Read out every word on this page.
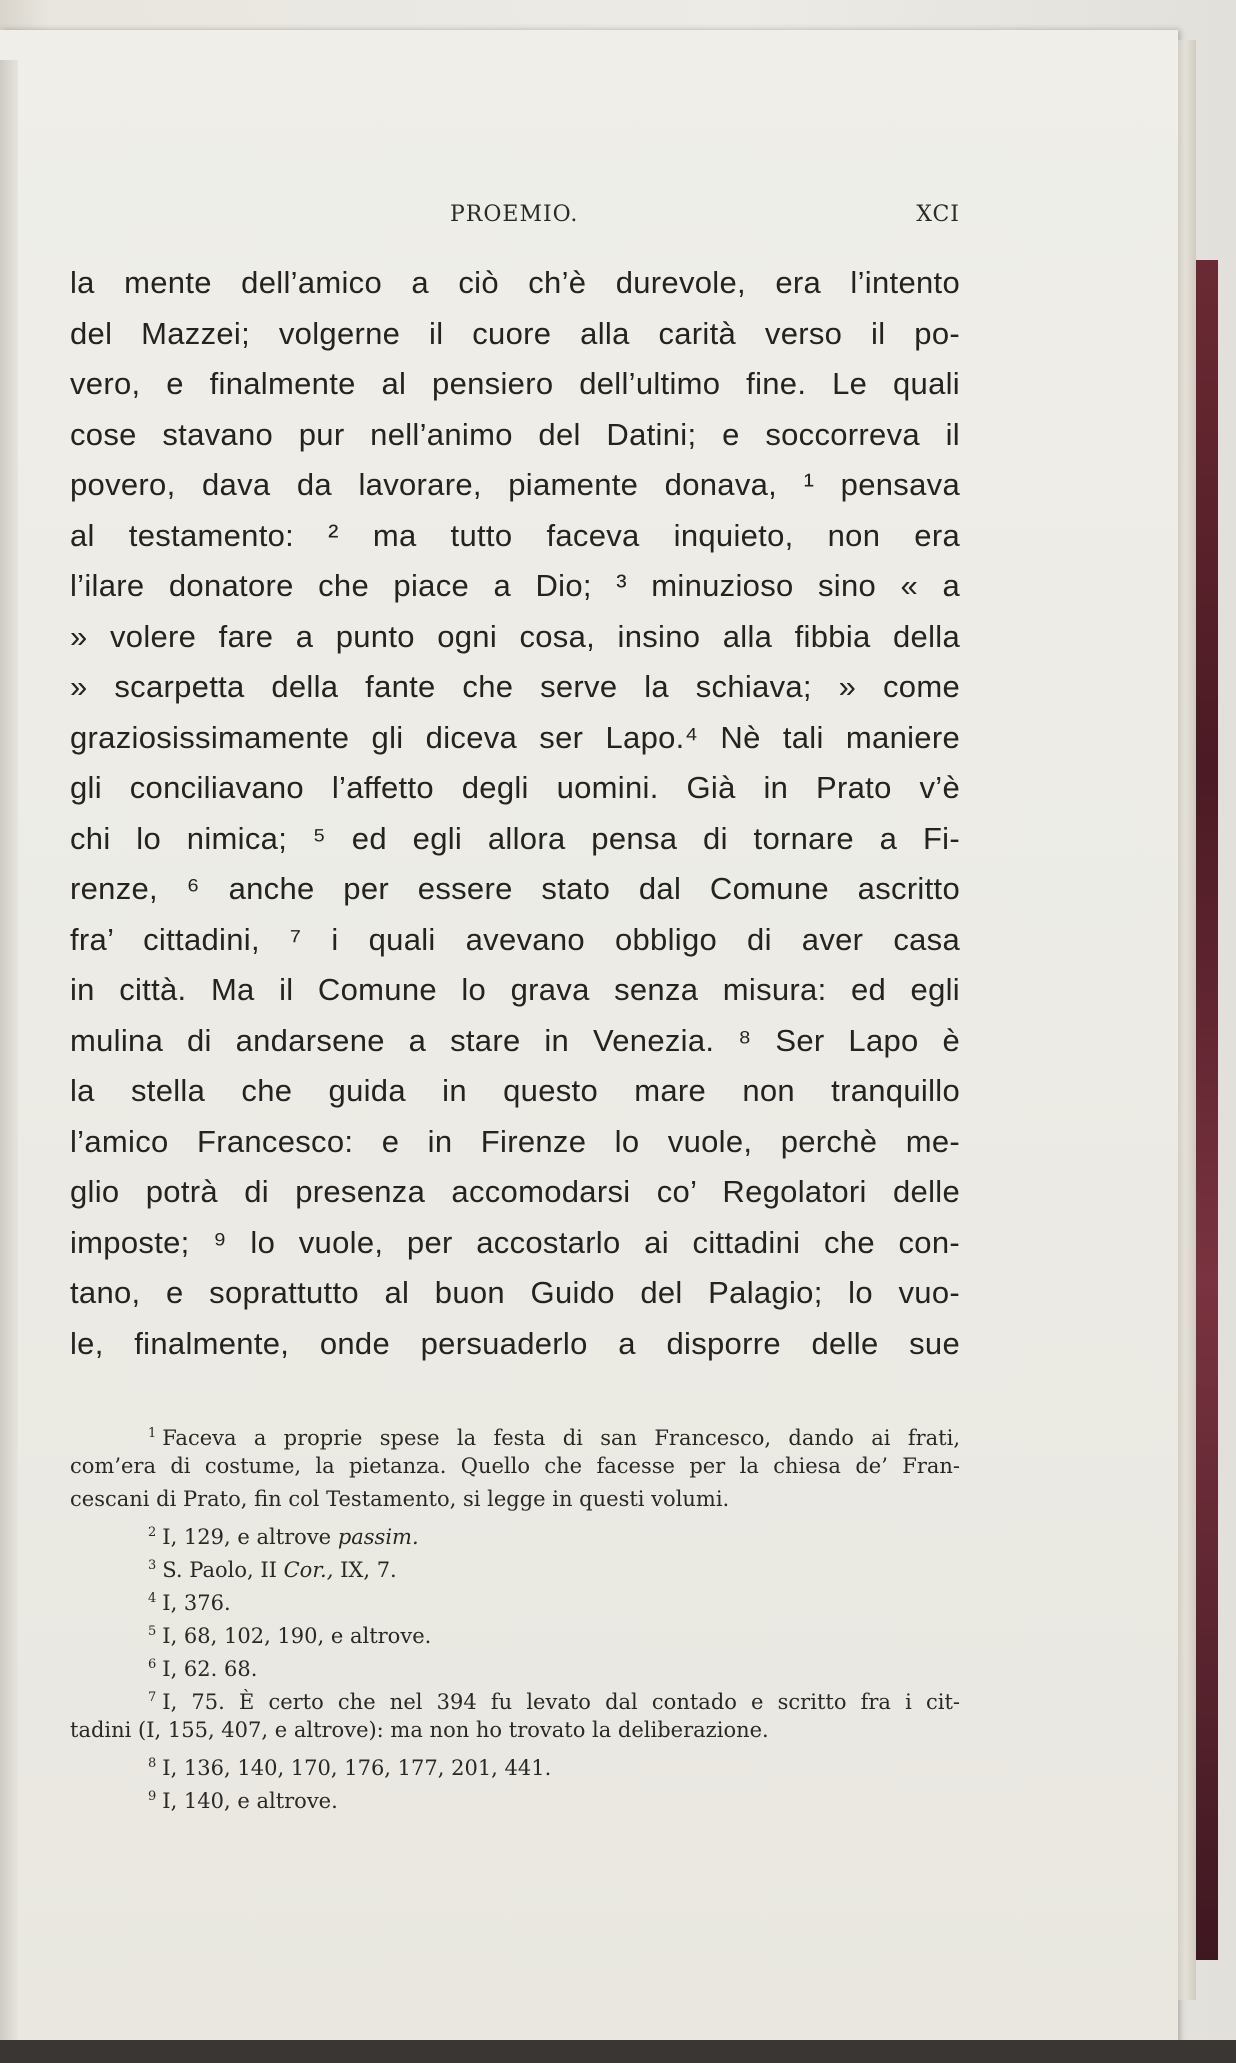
PROEMIO.	XCI
la mente dell’amico a ciò ch’è durevole, era l’intento
del Mazzei; volgerne il cuore alla carità verso il po-
vero, e finalmente al pensiero dell’ultimo fine. Le quali
cose stavano pur nell’animo del Datini; e soccorreva il
povero, dava da lavorare, piamente donava, ¹ pensava
al testamento: ² ma tutto faceva inquieto, non era
l’ilare donatore che piace a Dio; ³ minuzioso sino « a
» volere fare a punto ogni cosa, insino alla fibbia della
» scarpetta della fante che serve la schiava; » come
graziosissimamente gli diceva ser Lapo.⁴ Nè tali maniere
gli conciliavano l’affetto degli uomini. Già in Prato v’è
chi lo nimica; ⁵ ed egli allora pensa di tornare a Fi-
renze, ⁶ anche per essere stato dal Comune ascritto
fra’ cittadini, ⁷ i quali avevano obbligo di aver casa
in città. Ma il Comune lo grava senza misura: ed egli
mulina di andarsene a stare in Venezia. ⁸ Ser Lapo è
la stella che guida in questo mare non tranquillo
l’amico Francesco: e in Firenze lo vuole, perchè me-
glio potrà di presenza accomodarsi co’ Regolatori delle
imposte; ⁹ lo vuole, per accostarlo ai cittadini che con-
tano, e soprattutto al buon Guido del Palagio; lo vuo-
le, finalmente, onde persuaderlo a disporre delle sue
$^1$ Faceva a proprie spese la festa di san Francesco, dando ai frati,
com’era di costume, la pietanza. Quello che facesse per la chiesa de’ Fran-
cescani di Prato, fin col Testamento, si legge in questi volumi.
$^2$ I, 129, e altrove passim.
$^3$ S. Paolo, II Cor., IX, 7.
$^4$ I, 376.
$^5$ I, 68, 102, 190, e altrove.
$^6$ I, 62. 68.
$^7$ I, 75. È certo che nel 394 fu levato dal contado e scritto fra i cit-
tadini (I, 155, 407, e altrove): ma non ho trovato la deliberazione.
$^8$ I, 136, 140, 170, 176, 177, 201, 441.
$^9$ I, 140, e altrove.
